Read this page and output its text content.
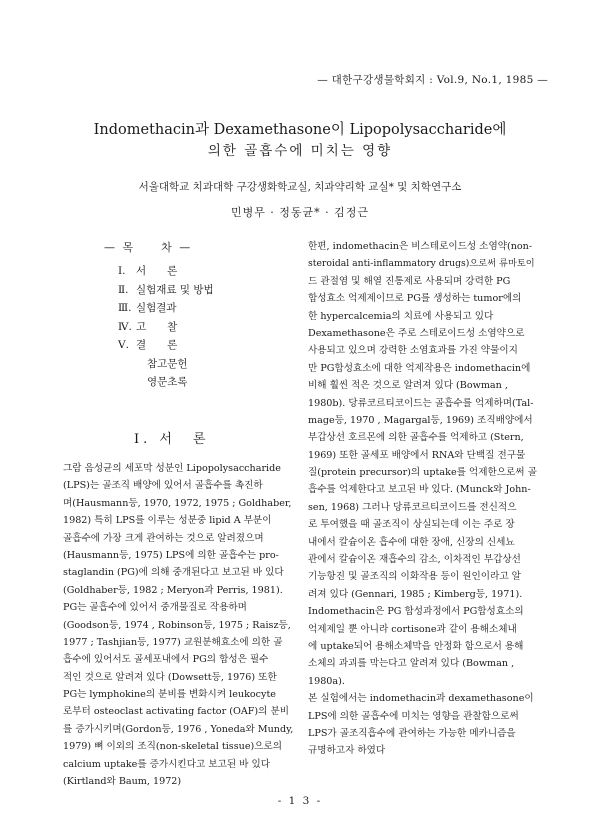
— 대한구강생물학회지 : Vol.9, No.1, 1985 —
Indomethacin과 Dexamethasone이 Lipopolysaccharide에
의한 골흡수에 미치는 영향
서울대학교 치과대학 구강생화학교실, 치과약리학 교실* 및 치학연구소
민병무 · 정동균* · 김정근
— 목　　차 —
Ⅰ. 서　　론
Ⅱ. 실험재료 및 방법
Ⅲ. 실험결과
Ⅳ. 고　　찰
Ⅴ. 결　　론
참고문헌
영문초록
Ⅰ. 서　론
그람 음성균의 세포막 성분인 Lipopolysaccharide
(LPS)는 골조직 배양에 있어서 골흡수를 촉진하
며(Hausmann등, 1970, 1972, 1975 ; Goldhaber,
1982) 특히 LPS를 이루는 성분중 lipid A 부분이
골흡수에 가장 크게 관여하는 것으로 알려졌으며
(Hausmann등, 1975) LPS에 의한 골흡수는 pro-
staglandin (PG)에 의해 중개된다고 보고된 바 있다
(Goldhaber등, 1982 ; Meryon과 Perris, 1981).
PG는 골흡수에 있어서 중개물질로 작용하며
(Goodson등, 1974 , Robinson등, 1975 ; Raisz등,
1977 ; Tashjian등, 1977) 교원분해효소에 의한 골
흡수에 있어서도 골세포내에서 PG의 합성은 필수
적인 것으로 알려져 있다 (Dowsett등, 1976) 또한
PG는 lymphokine의 분비를 변화시켜 leukocyte
로부터 osteoclast activating factor (OAF)의 분비
를 증가시키며(Gordon등, 1976 , Yoneda와 Mundy,
1979) 뼈 이외의 조직(non-skeletal tissue)으로의
calcium uptake를 증가시킨다고 보고된 바 있다
(Kirtland와 Baum, 1972)
한편, indomethacin은 비스테로이드성 소염약(non-
steroidal anti-inflammatory drugs)으로써 류마토이
드 관절염 및 해열 진통제로 사용되며 강력한 PG
합성효소 억제제이므로 PG를 생성하는 tumor에의
한 hypercalcemia의 치료에 사용되고 있다
Dexamethasone은 주로 스테로이드성 소염약으로
사용되고 있으며 강력한 소염효과를 가진 약물이지
만 PG합성효소에 대한 억제작용은 indomethacin에
비해 훨씬 적은 것으로 알려져 있다 (Bowman ,
1980b). 당류코르티코이드는 골흡수를 억제하며(Tal-
mage등, 1970 , Magargal등, 1969) 조직배양에서
부갑상선 호르몬에 의한 골흡수를 억제하고 (Stern,
1969) 또한 골세포 배양에서 RNA와 단백질 전구물
질(protein precursor)의 uptake를 억제한으로써 골
흡수를 억제한다고 보고된 바 있다. (Munck와 John-
sen, 1968) 그러나 당류코르티코이드를 전신적으
로 투여했을 때 골조직이 상실되는데 이는 주로 장
내에서 칼슘이온 흡수에 대한 장애, 신장의 신세뇨
관에서 칼슘이온 재흡수의 감소, 이차적인 부갑상선
기능항진 및 골조직의 이화작용 등이 원인이라고 알
려져 있다 (Gennari, 1985 ; Kimberg등, 1971).
Indomethacin은 PG 합성과정에서 PG합성효소의
억제제일 뿐 아니라 cortisone과 같이 용해소체내
에 uptake되어 용해소체막을 안정화 함으로서 용해
소체의 과괴를 막는다고 알려져 있다 (Bowman ,
1980a).
본 실험에서는 indomethacin과 dexamethasone이
LPS에 의한 골흡수에 미치는 영향을 관찰함으로써
LPS가 골조직흡수에 관여하는 가능한 메카니즘을
규명하고자 하였다
- 1 3 -
